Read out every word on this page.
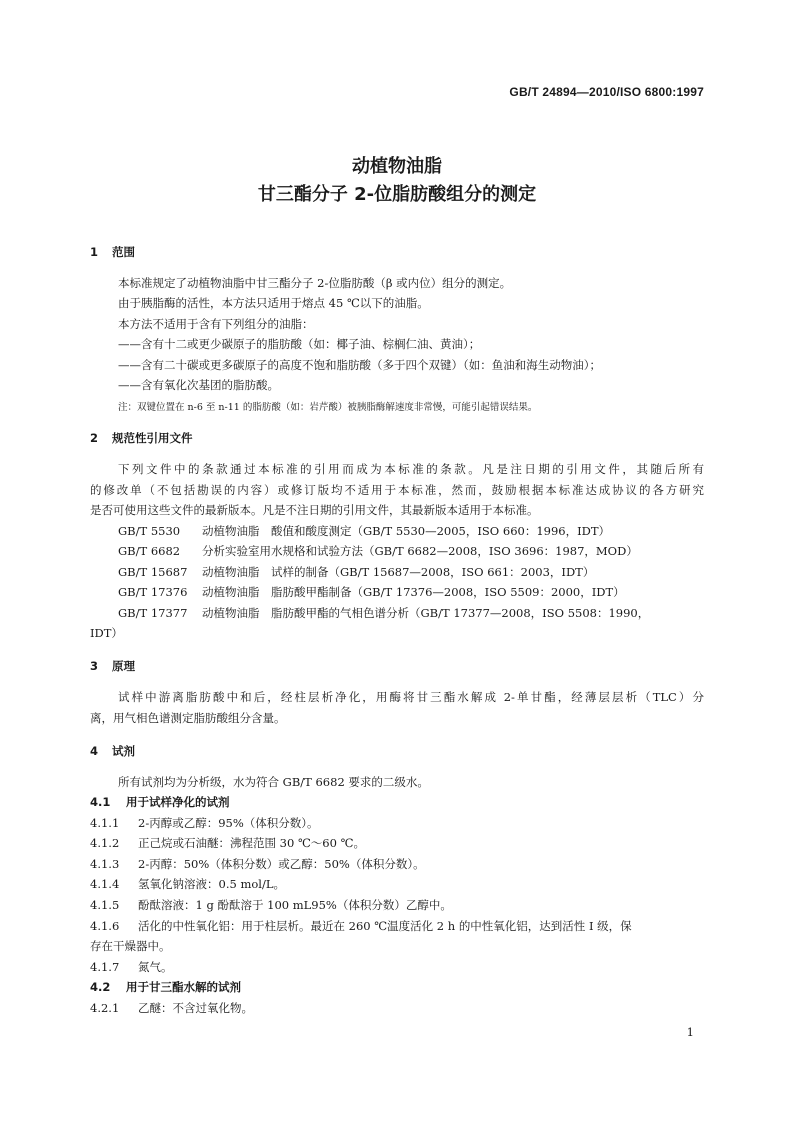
GB/T 24894—2010/ISO 6800:1997
动植物油脂
甘三酯分子 2-位脂肪酸组分的测定
1 范围
本标准规定了动植物油脂中甘三酯分子 2-位脂肪酸（β 或内位）组分的测定。
由于胰脂酶的活性，本方法只适用于熔点 45 ℃以下的油脂。
本方法不适用于含有下列组分的油脂：
——含有十二或更少碳原子的脂肪酸（如：椰子油、棕榈仁油、黄油）；
——含有二十碳或更多碳原子的高度不饱和脂肪酸（多于四个双键）（如：鱼油和海生动物油）；
——含有氧化次基团的脂肪酸。
注：双键位置在 n-6 至 n-11 的脂肪酸（如：岩芹酸）被胰脂酶解速度非常慢，可能引起错误结果。
2 规范性引用文件
下列文件中的条款通过本标准的引用而成为本标准的条款。凡是注日期的引用文件，其随后所有
的修改单（不包括勘误的内容）或修订版均不适用于本标准，然而，鼓励根据本标准达成协议的各方研究
是否可使用这些文件的最新版本。凡是不注日期的引用文件，其最新版本适用于本标准。
GB/T 5530 动植物油脂　酸值和酸度测定（GB/T 5530—2005，ISO 660：1996，IDT）
GB/T 6682 分析实验室用水规格和试验方法（GB/T 6682—2008，ISO 3696：1987，MOD）
GB/T 15687 动植物油脂　试样的制备（GB/T 15687—2008，ISO 661：2003，IDT）
GB/T 17376 动植物油脂　脂肪酸甲酯制备（GB/T 17376—2008，ISO 5509：2000，IDT）
GB/T 17377 动植物油脂　脂肪酸甲酯的气相色谱分析（GB/T 17377—2008，ISO 5508：1990，
IDT）
3 原理
试样中游离脂肪酸中和后，经柱层析净化，用酶将甘三酯水解成 2-单甘酯，经薄层层析（TLC）分
离，用气相色谱测定脂肪酸组分含量。
4 试剂
所有试剂均为分析级，水为符合 GB/T 6682 要求的二级水。
4.1 用于试样净化的试剂
4.1.1 2-丙醇或乙醇：95%（体积分数）。
4.1.2 正己烷或石油醚：沸程范围 30 ℃～60 ℃。
4.1.3 2-丙醇：50%（体积分数）或乙醇：50%（体积分数）。
4.1.4 氢氧化钠溶液：0.5 mol/L。
4.1.5 酚酞溶液：1 g 酚酞溶于 100 mL95%（体积分数）乙醇中。
4.1.6 活化的中性氧化铝：用于柱层析。最近在 260 ℃温度活化 2 h 的中性氧化铝，达到活性 Ⅰ 级，保
存在干燥器中。
4.1.7 氮气。
4.2 用于甘三酯水解的试剂
4.2.1 乙醚：不含过氧化物。
1
